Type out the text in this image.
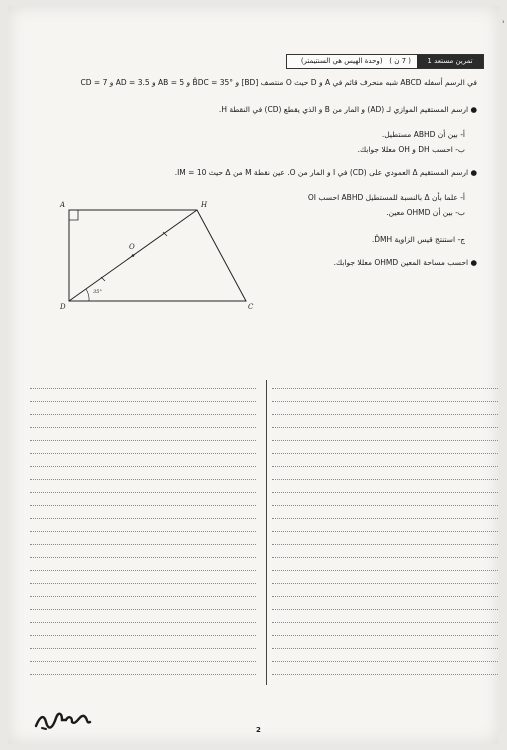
'
تمرين مستعد 1
( 7 ن )   (وحدة الهيس هي السنتيمتر)
في الرسم أسفله ABCD شبه منحرف قائم في A و D حيث O منتصف [BD] و B̂DC = 35° و AB = 5 و AD = 3.5 و CD = 7
● ارسم المستقيم الموازي لـ (AD) و المار من B و الذي يقطع (CD) في النقطة H.
أ- بين أن ABHD مستطيل.
ب- احسب DH و OH معللا جوابك.
● ارسم المستقيم Δ العمودي على (CD) في I و المار من O. عين نقطة M من Δ حيث IM = 10.
أ- علما بأن Δ بالنسبة للمستطيل ABHD احسب OI
ب- بين أن OHMD معين.
ج- استنتج قيس الزاوية D̂MH.
● احسب مساحة المعين OHMD معللا جوابك.
A	H
O
D	C
35°
2
